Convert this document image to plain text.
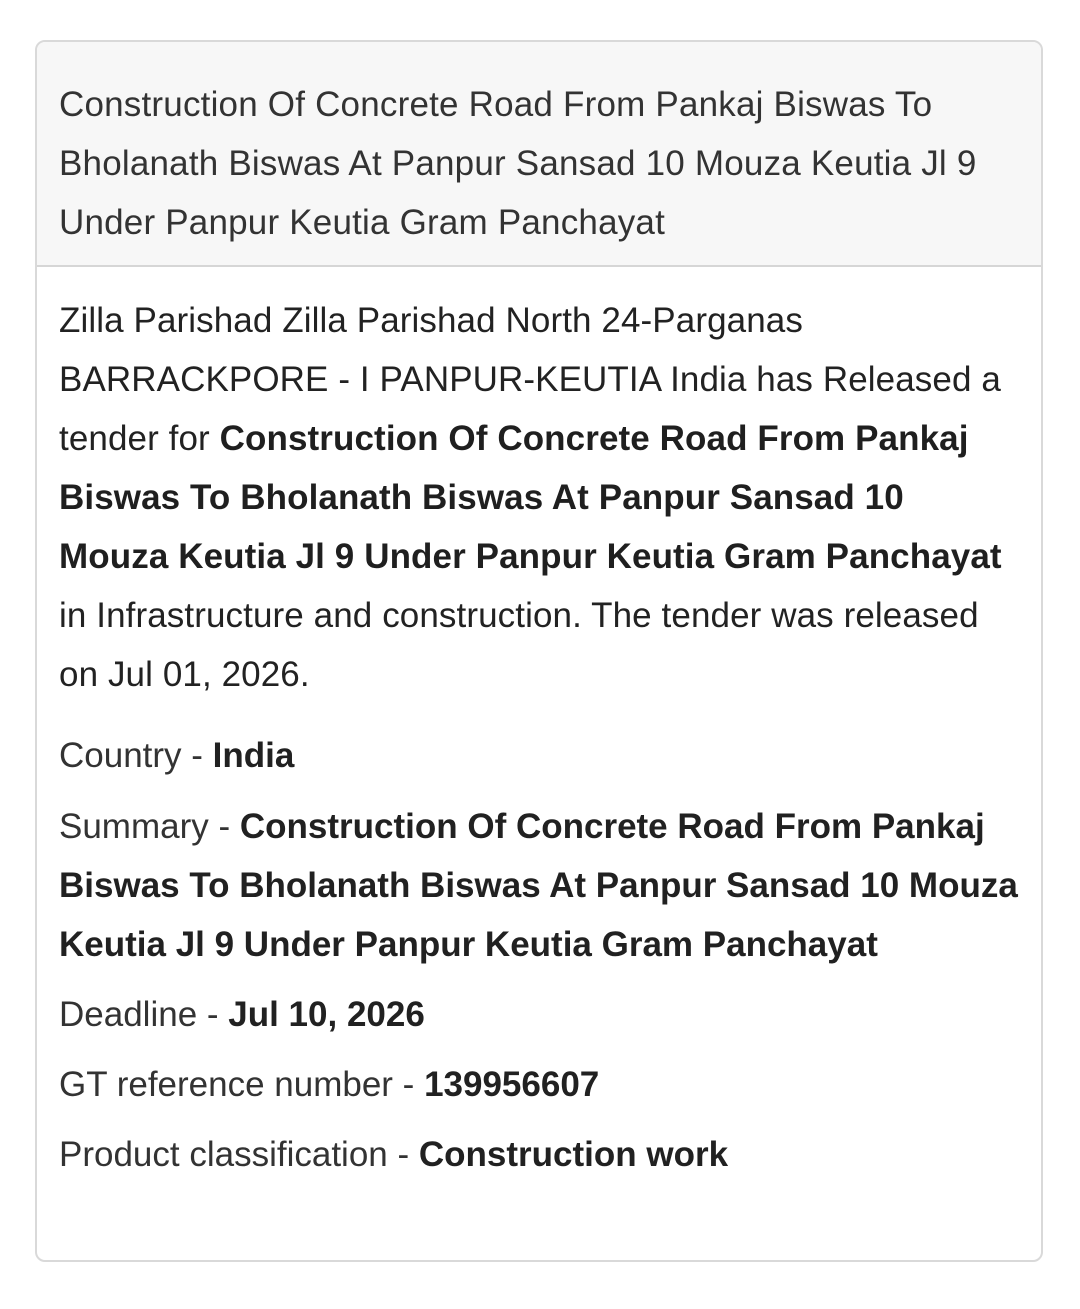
Construction Of Concrete Road From Pankaj Biswas To Bholanath Biswas At Panpur Sansad 10 Mouza Keutia Jl 9 Under Panpur Keutia Gram Panchayat

Zilla Parishad Zilla Parishad North 24-Parganas BARRACKPORE - I PANPUR-KEUTIA India has Released a tender for Construction Of Concrete Road From Pankaj Biswas To Bholanath Biswas At Panpur Sansad 10 Mouza Keutia Jl 9 Under Panpur Keutia Gram Panchayat in Infrastructure and construction. The tender was released on Jul 01, 2026.

Country - India

Summary - Construction Of Concrete Road From Pankaj Biswas To Bholanath Biswas At Panpur Sansad 10 Mouza Keutia Jl 9 Under Panpur Keutia Gram Panchayat

Deadline - Jul 10, 2026

GT reference number - 139956607

Product classification - Construction work
